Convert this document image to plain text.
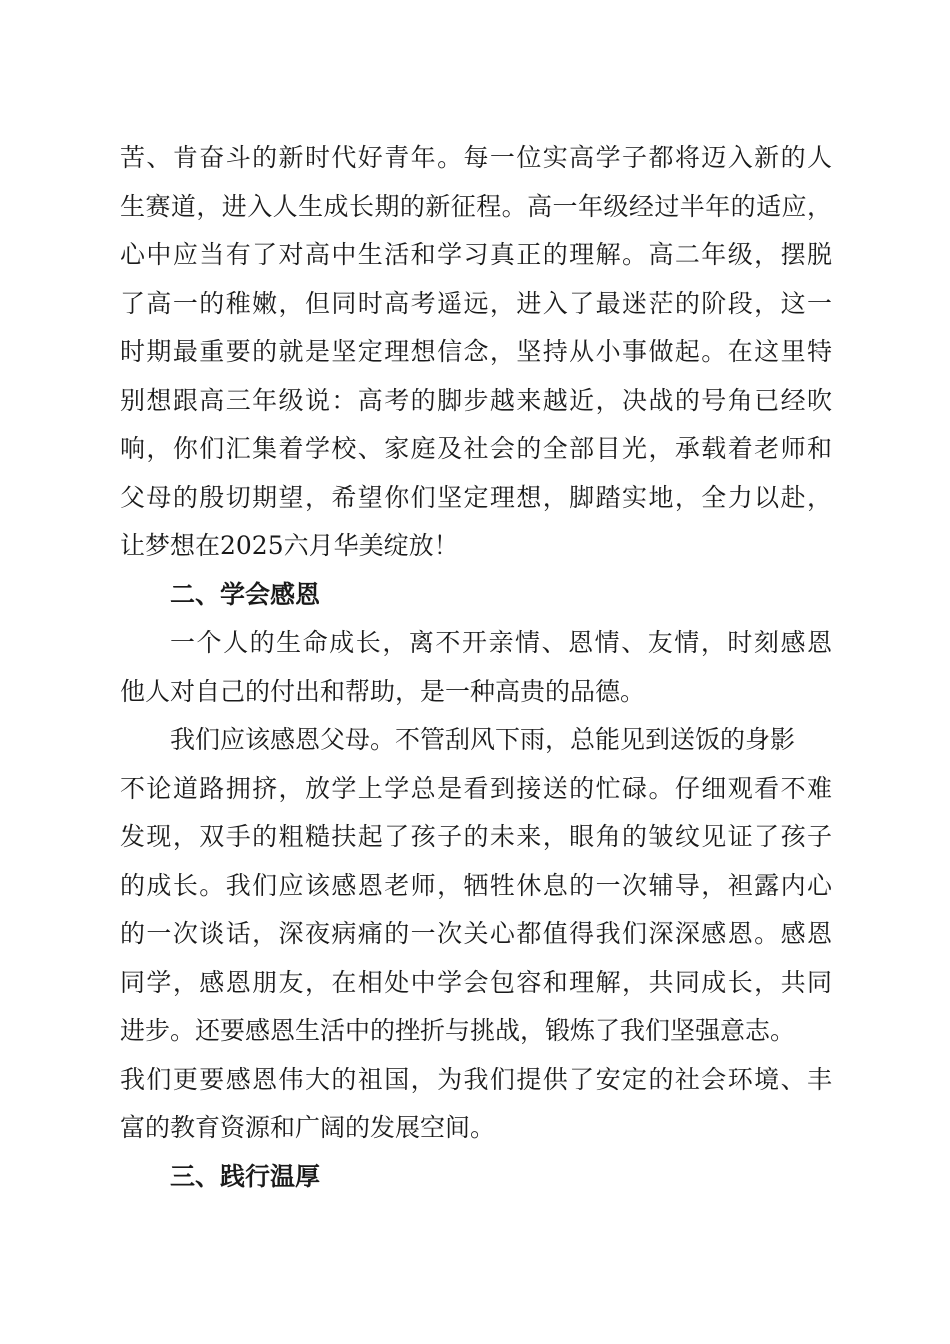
苦、肯奋斗的新时代好青年。每一位实高学子都将迈入新的人
生赛道，进入人生成长期的新征程。高一年级经过半年的适应，
心中应当有了对高中生活和学习真正的理解。高二年级，摆脱
了高一的稚嫩，但同时高考遥远，进入了最迷茫的阶段，这一
时期最重要的就是坚定理想信念，坚持从小事做起。在这里特
别想跟高三年级说：高考的脚步越来越近，决战的号角已经吹
响，你们汇集着学校、家庭及社会的全部目光，承载着老师和
父母的殷切期望，希望你们坚定理想，脚踏实地，全力以赴，
让梦想在2025六月华美绽放！
二、学会感恩
一个人的生命成长，离不开亲情、恩情、友情，时刻感恩
他人对自己的付出和帮助，是一种高贵的品德。
我们应该感恩父母。不管刮风下雨，总能见到送饭的身影
不论道路拥挤，放学上学总是看到接送的忙碌。仔细观看不难
发现，双手的粗糙扶起了孩子的未来，眼角的皱纹见证了孩子
的成长。我们应该感恩老师，牺牲休息的一次辅导，袒露内心
的一次谈话，深夜病痛的一次关心都值得我们深深感恩。感恩
同学，感恩朋友，在相处中学会包容和理解，共同成长，共同
进步。还要感恩生活中的挫折与挑战，锻炼了我们坚强意志。
我们更要感恩伟大的祖国，为我们提供了安定的社会环境、丰
富的教育资源和广阔的发展空间。
三、践行温厚
